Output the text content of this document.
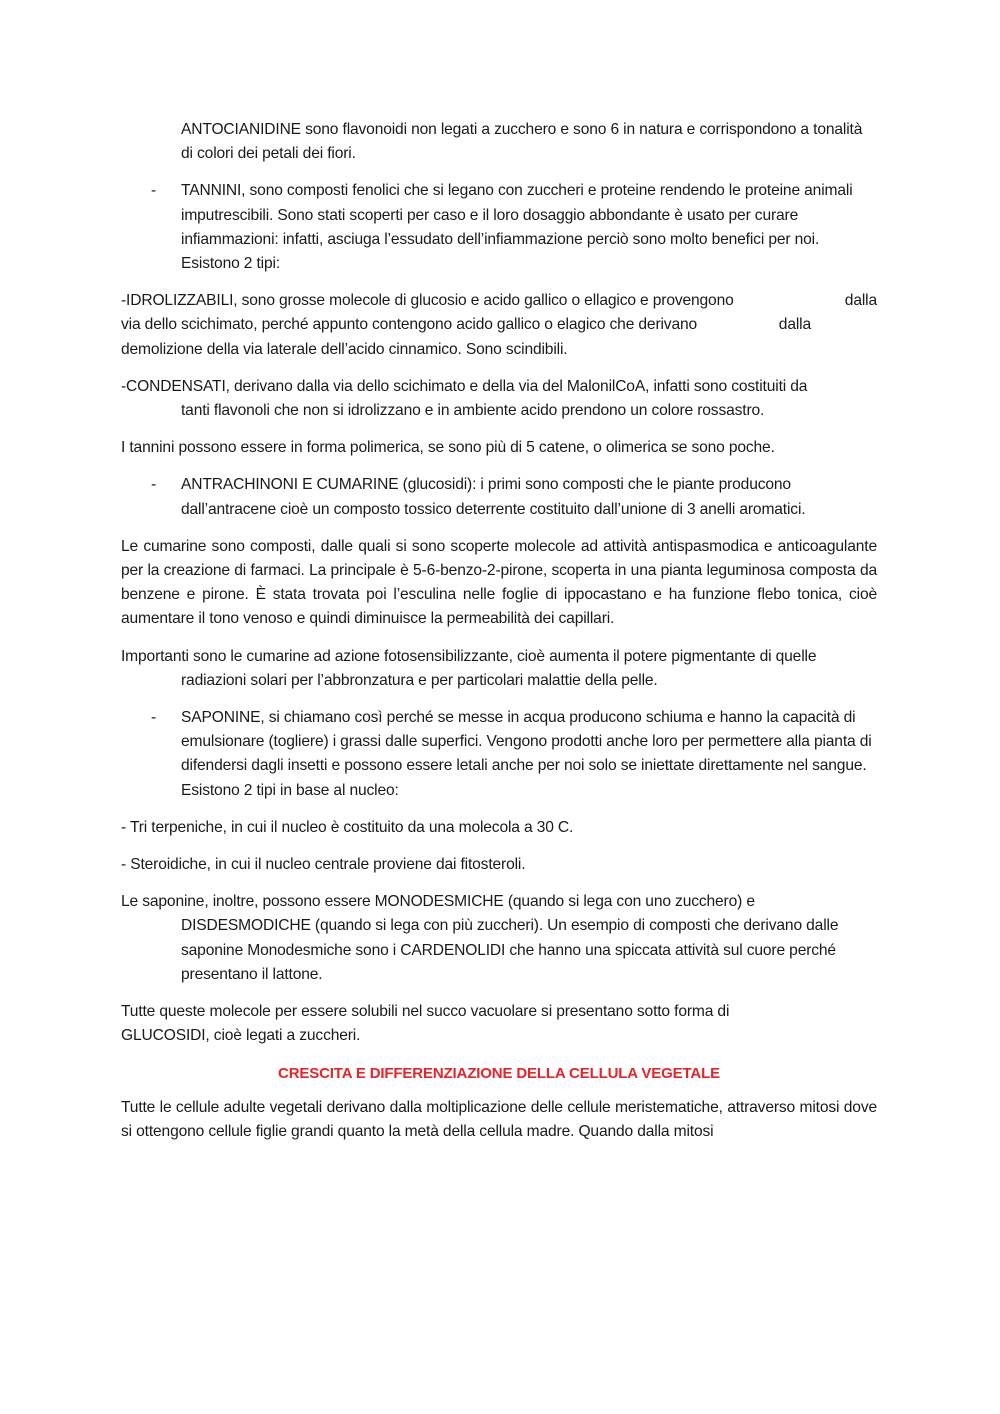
ANTOCIANIDINE sono flavonoidi non legati a zucchero e sono 6 in natura e corrispondono a tonalità di colori dei petali dei fiori.

- TANNINI, sono composti fenolici che si legano con zuccheri e proteine rendendo le proteine animali imputrescibili. Sono stati scoperti per caso e il loro dosaggio abbondante è usato per curare infiammazioni: infatti, asciuga l’essudato dell’infiammazione perciò sono molto benefici per noi. Esistono 2 tipi:

-IDROLIZZABILI, sono grosse molecole di glucosio e acido gallico o ellagico e provengono	dalla
via dello scichimato, perché appunto contengono acido gallico o elagico che derivano	dalla
demolizione della via laterale dell’acido cinnamico. Sono scindibili.

-CONDENSATI, derivano dalla via dello scichimato e della via del MalonilCoA, infatti sono costituiti da tanti flavonoli che non si idrolizzano e in ambiente acido prendono un colore rossastro.

I tannini possono essere in forma polimerica, se sono più di 5 catene, o olimerica se sono poche.

- ANTRACHINONI E CUMARINE (glucosidi): i primi sono composti che le piante producono dall’antracene cioè un composto tossico deterrente costituito dall’unione di 3 anelli aromatici.

Le cumarine sono composti, dalle quali si sono scoperte molecole ad attività antispasmodica e anticoagulante per la creazione di farmaci. La principale è 5-6-benzo-2-pirone, scoperta in una pianta leguminosa composta da benzene e pirone. È stata trovata poi l’esculina nelle foglie di ippocastano e ha funzione flebo tonica, cioè aumentare il tono venoso e quindi diminuisce la permeabilità dei capillari.

Importanti sono le cumarine ad azione fotosensibilizzante, cioè aumenta il potere pigmentante di quelle radiazioni solari per l’abbronzatura e per particolari malattie della pelle.

- SAPONINE, si chiamano così perché se messe in acqua producono schiuma e hanno la capacità di emulsionare (togliere) i grassi dalle superfici. Vengono prodotti anche loro per permettere alla pianta di difendersi dagli insetti e possono essere letali anche per noi solo se iniettate direttamente nel sangue. Esistono 2 tipi in base al nucleo:

- Tri terpeniche, in cui il nucleo è costituito da una molecola a 30 C.

- Steroidiche, in cui il nucleo centrale proviene dai fitosteroli.

Le saponine, inoltre, possono essere MONODESMICHE (quando si lega con uno zucchero) e DISDESMODICHE (quando si lega con più zuccheri). Un esempio di composti che derivano dalle saponine Monodesmiche sono i CARDENOLIDI che hanno una spiccata attività sul cuore perché presentano il lattone.

Tutte queste molecole per essere solubili nel succo vacuolare si presentano sotto forma di GLUCOSIDI, cioè legati a zuccheri.

CRESCITA E DIFFERENZIAZIONE DELLA CELLULA VEGETALE

Tutte le cellule adulte vegetali derivano dalla moltiplicazione delle cellule meristematiche, attraverso mitosi dove si ottengono cellule figlie grandi quanto la metà della cellula madre. Quando dalla mitosi
